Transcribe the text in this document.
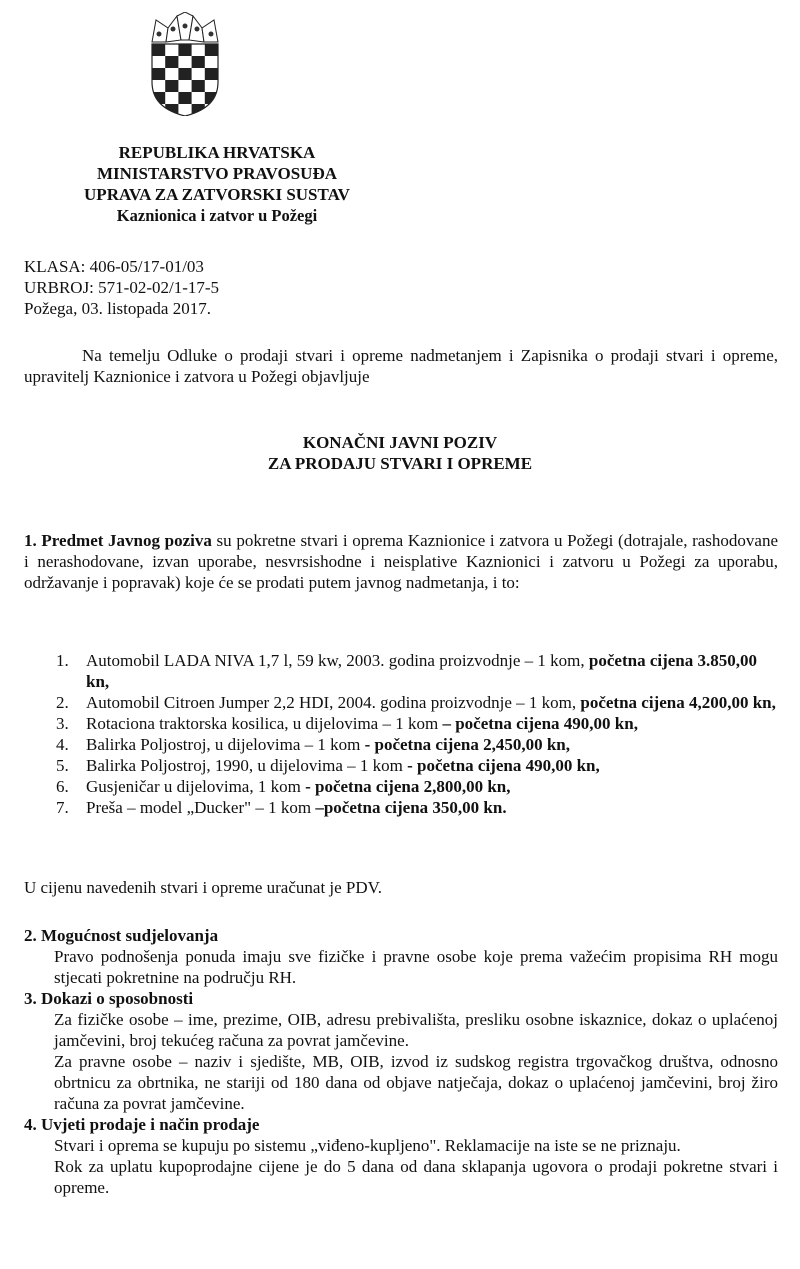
REPUBLIKA HRVATSKA
MINISTARSTVO PRAVOSUĐA
UPRAVA ZA ZATVORSKI SUSTAV
Kaznionica i zatvor u Požegi
KLASA: 406-05/17-01/03
URBROJ: 571-02-02/1-17-5
Požega, 03. listopada 2017.

Na temelju Odluke o prodaji stvari i opreme nadmetanjem i Zapisnika o prodaji stvari i opreme, upravitelj Kaznionice i zatvora u Požegi objavljuje

KONAČNI JAVNI POZIV
ZA PRODAJU STVARI I OPREME

1. Predmet Javnog poziva su pokretne stvari i oprema Kaznionice i zatvora u Požegi (dotrajale, rashodovane i nerashodovane, izvan uporabe, nesvrsishodne i neisplative Kaznionici i zatvoru u Požegi za uporabu, održavanje i popravak) koje će se prodati putem javnog nadmetanja, i to:

1. Automobil LADA NIVA 1,7 l, 59 kw, 2003. godina proizvodnje – 1 kom, početna cijena 3.850,00 kn,
2. Automobil Citroen Jumper 2,2 HDI, 2004. godina proizvodnje – 1 kom, početna cijena 4,200,00 kn,
3. Rotaciona traktorska kosilica, u dijelovima – 1 kom – početna cijena 490,00 kn,
4. Balirka Poljostroj, u dijelovima – 1 kom - početna cijena 2,450,00 kn,
5. Balirka Poljostroj, 1990, u dijelovima – 1 kom - početna cijena 490,00 kn,
6. Gusjeničar u dijelovima, 1 kom - početna cijena 2,800,00 kn,
7. Preša – model „Ducker" – 1 kom –početna cijena 350,00 kn.
U cijenu navedenih stvari i opreme uračunat je PDV.
2. Mogućnost sudjelovanja

Pravo podnošenja ponuda imaju sve fizičke i pravne osobe koje prema važećim propisima RH mogu stjecati pokretnine na području RH.

3. Dokazi o sposobnosti

Za fizičke osobe – ime, prezime, OIB, adresu prebivališta, presliku osobne iskaznice, dokaz o uplaćenoj jamčevini, broj tekućeg računa za povrat jamčevine.

Za pravne osobe – naziv i sjedište, MB, OIB, izvod iz sudskog registra trgovačkog društva, odnosno obrtnicu za obrtnika, ne stariji od 180 dana od objave natječaja, dokaz o uplaćenoj jamčevini, broj žiro računa za povrat jamčevine.

4. Uvjeti prodaje i način prodaje

Stvari i oprema se kupuju po sistemu „viđeno-kupljeno". Reklamacije na iste se ne priznaju.

Rok za uplatu kupoprodajne cijene je do 5 dana od dana sklapanja ugovora o prodaji pokretne stvari i opreme.
